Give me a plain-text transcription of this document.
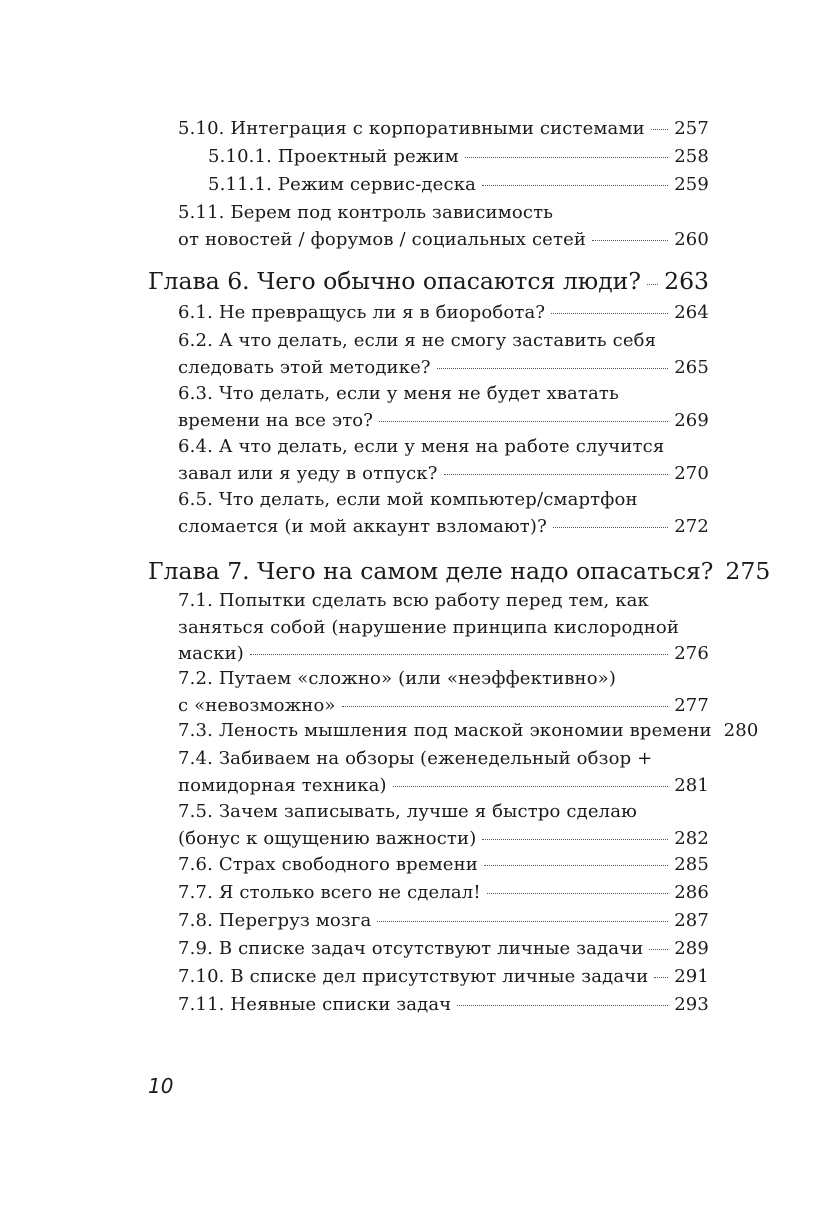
5.10. Интеграция с корпоративными системами 257
5.10.1. Проектный режим	258
5.11.1. Режим сервис-деска	259
5.11. Берем под контроль зависимость
от новостей / форумов / социальных сетей	260
Глава 6. Чего обычно опасаются люди? 263
6.1. Не превращусь ли я в биоробота?	264
6.2. А что делать, если я не смогу заставить себя
следовать этой методике?	265
6.3. Что делать, если у меня не будет хватать
времени на все это?	269
6.4. А что делать, если у меня на работе случится
завал или я уеду в отпуск?	270
6.5. Что делать, если мой компьютер/смартфон
сломается (и мой аккаунт взломают)?	272
Глава 7. Чего на самом деле надо опасаться? 275
7.1. Попытки сделать всю работу перед тем, как
заняться собой (нарушение принципа кислородной
маски)	276
7.2. Путаем «сложно» (или «неэффективно»)
с «невозможно»	277
7.3. Леность мышления под маской экономии времени 280
7.4. Забиваем на обзоры (еженедельный обзор +
помидорная техника)	281
7.5. Зачем записывать, лучше я быстро сделаю
(бонус к ощущению важности)	282
7.6. Страх свободного времени	285
7.7. Я столько всего не сделал!	286
7.8. Перегруз мозга	287
7.9. В списке задач отсутствуют личные задачи 289
7.10. В списке дел присутствуют личные задачи 291
7.11. Неявные списки задач	293
10
